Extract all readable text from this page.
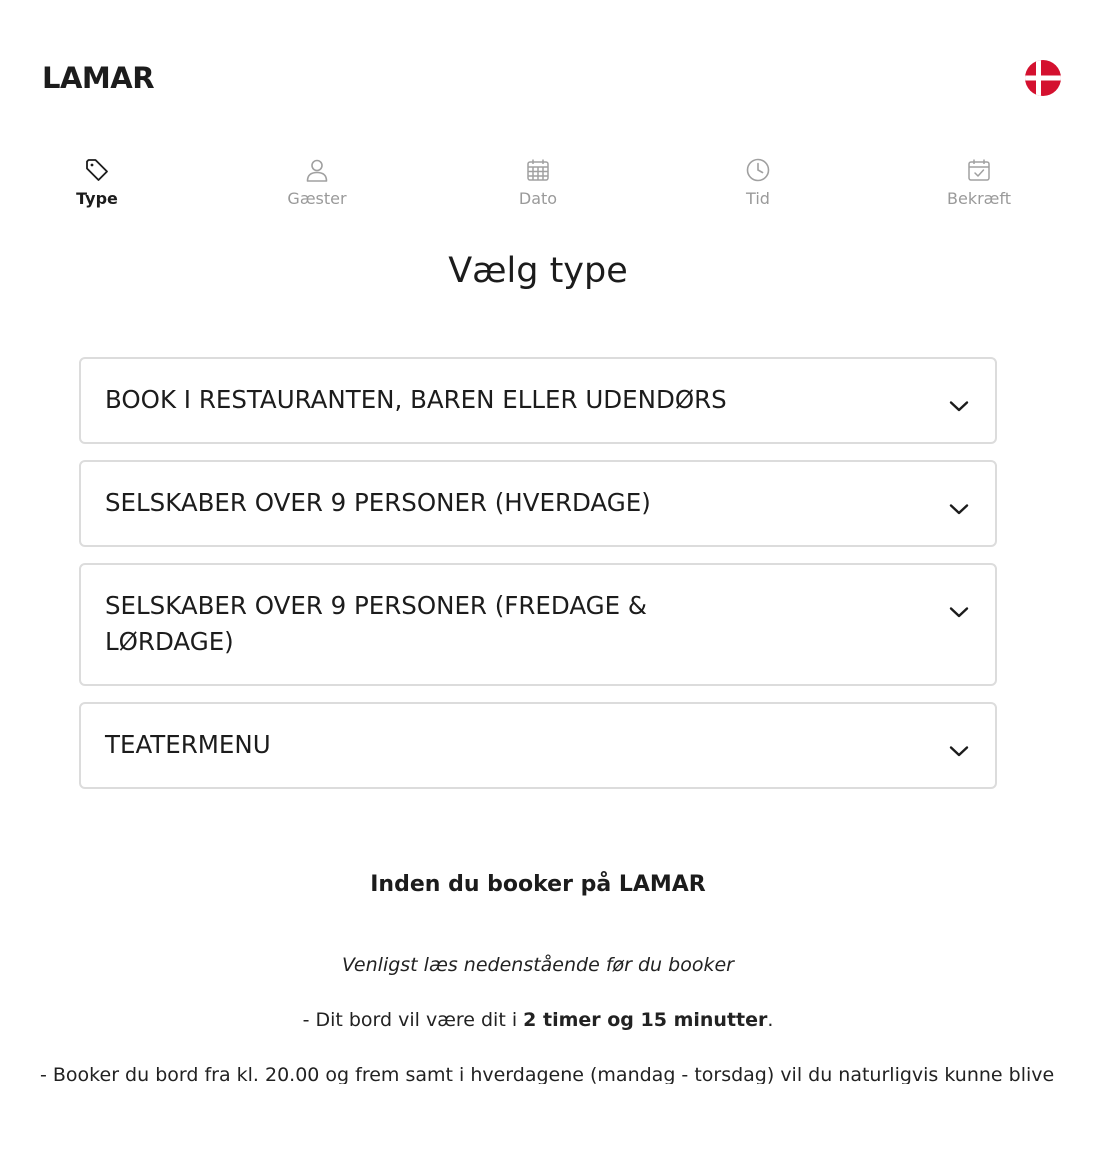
LAMAR
Type	Gæster	Dato	Tid	Bekræft
Vælg type
BOOK I RESTAURANTEN, BAREN ELLER UDENDØRS
SELSKABER OVER 9 PERSONER (HVERDAGE)
SELSKABER OVER 9 PERSONER (FREDAGE & LØRDAGE)
TEATERMENU
Inden du booker på LAMAR
Venligst læs nedenstående før du booker
- Dit bord vil være dit i 2 timer og 15 minutter.
- Booker du bord fra kl. 20.00 og frem samt i hverdagene (mandag - torsdag) vil du naturligvis kunne blive
